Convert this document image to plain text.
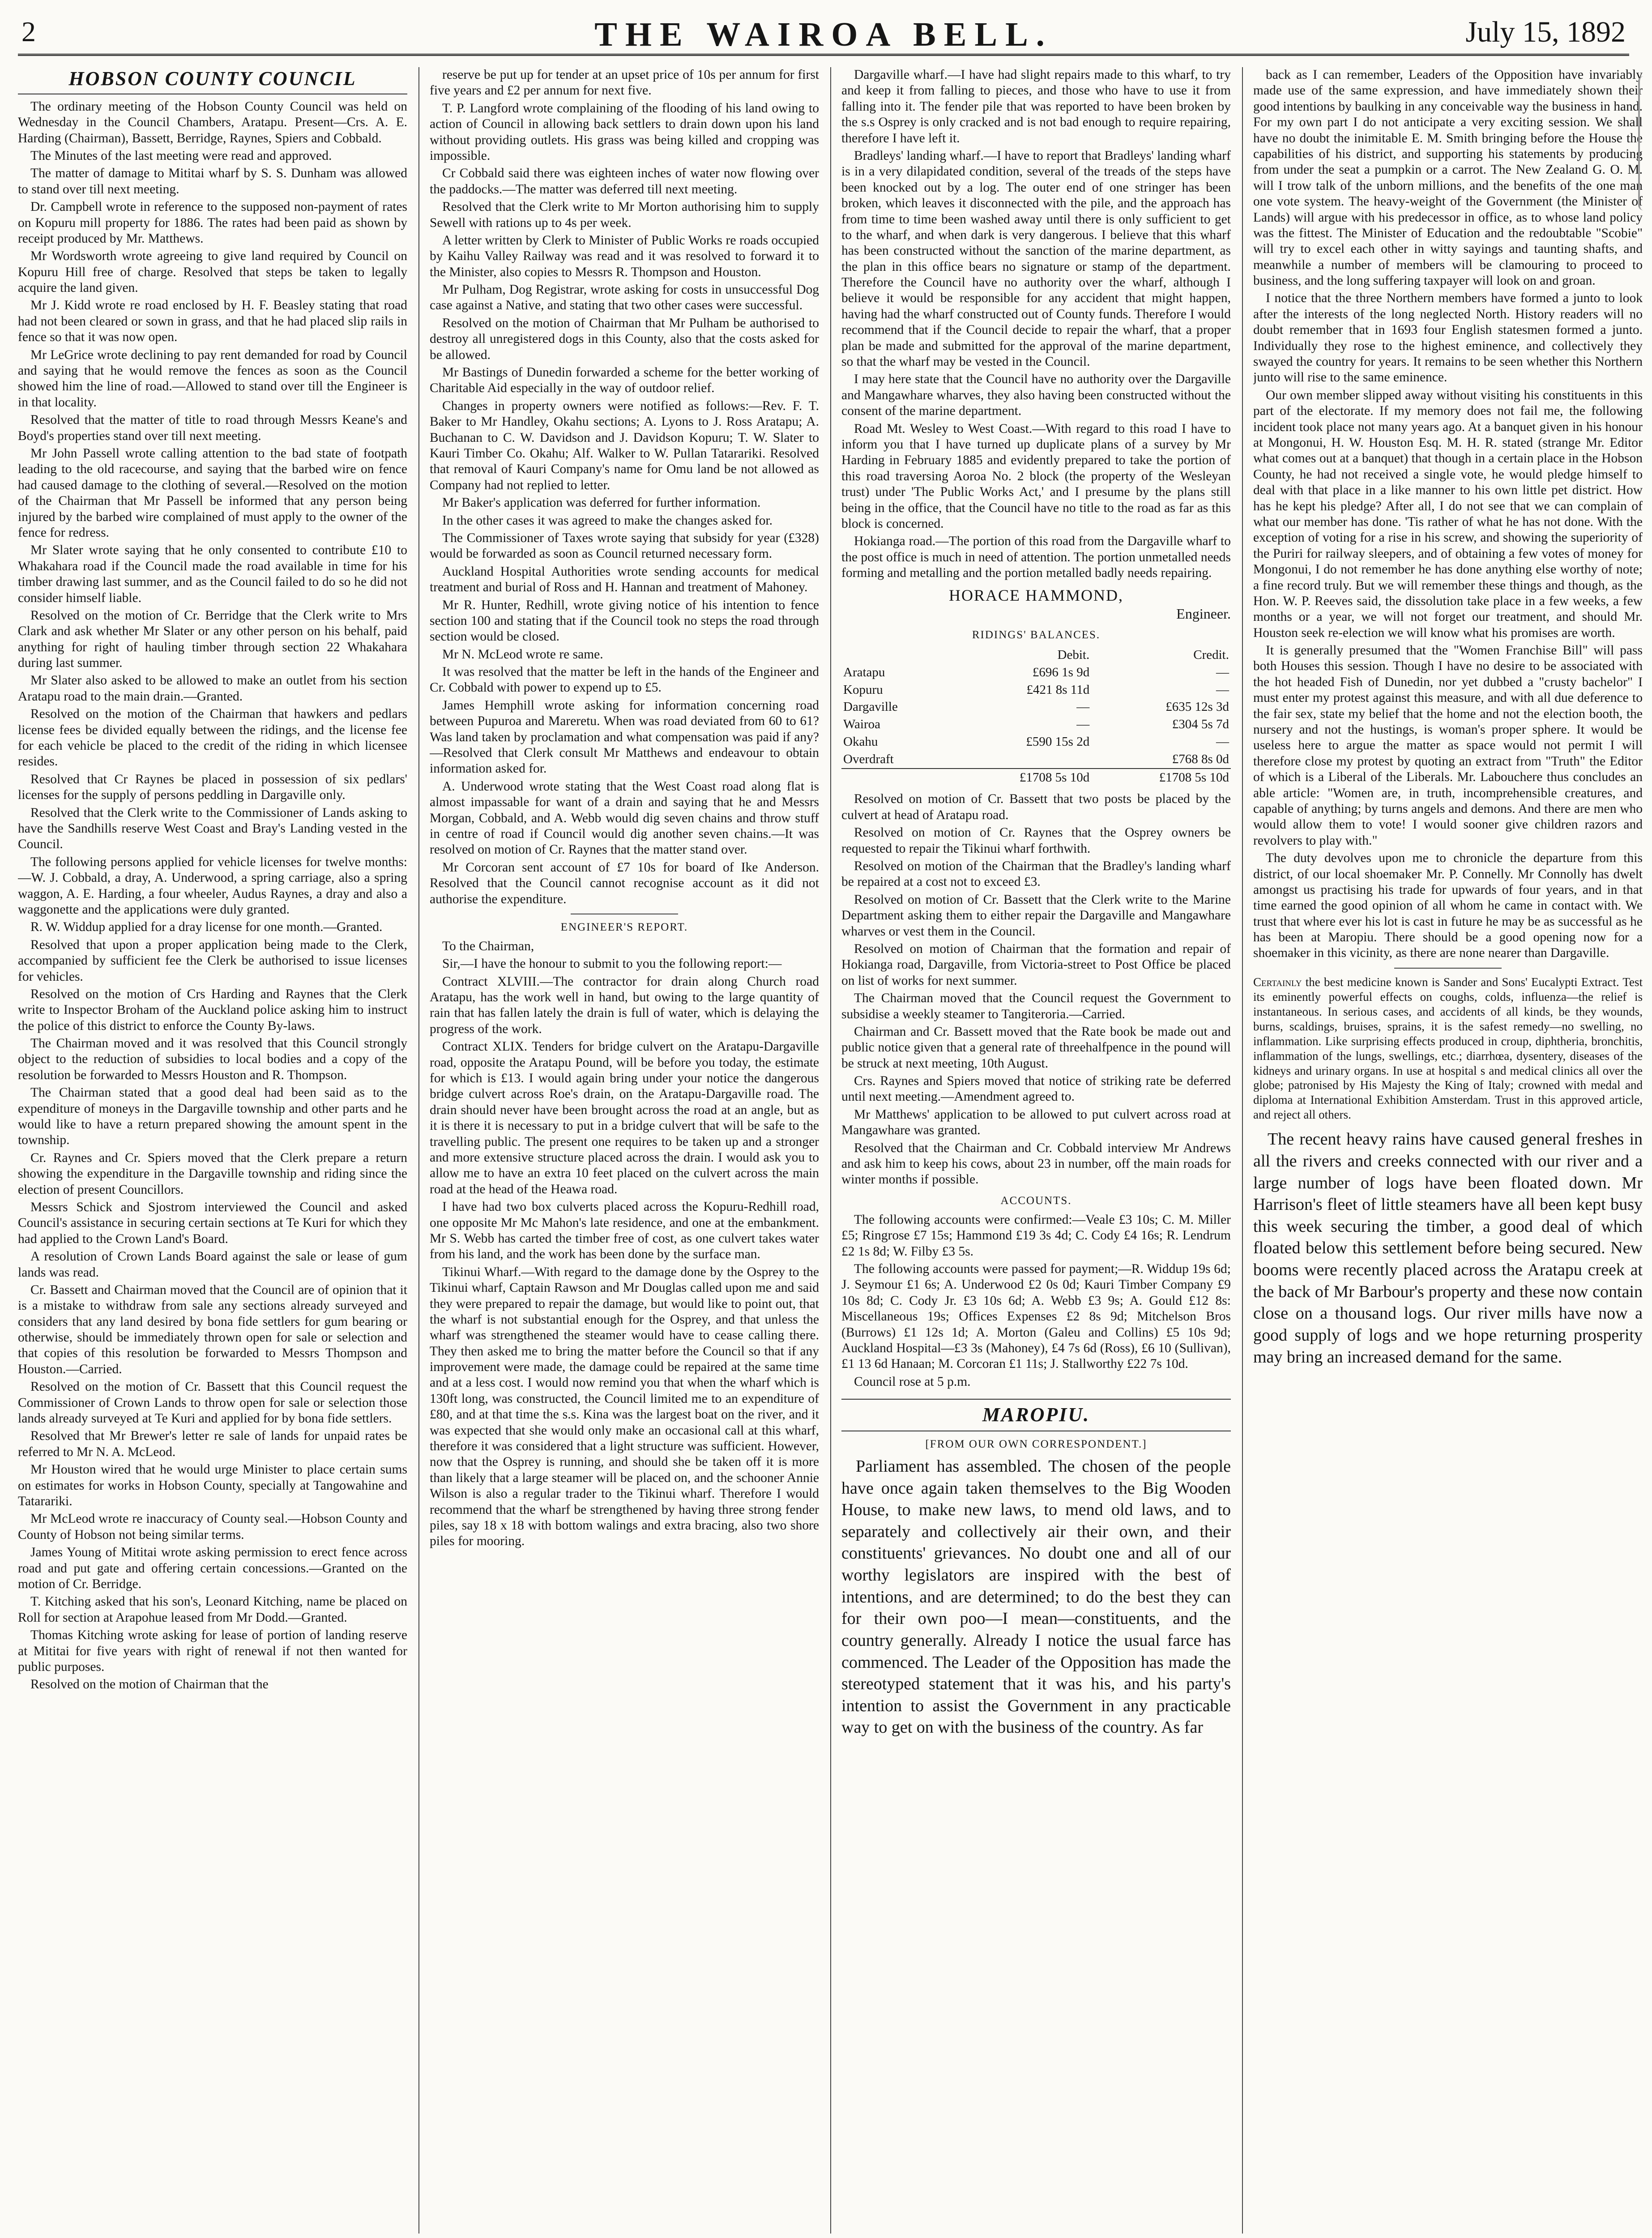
2	THE WAIROA BELL.	July 15, 1892
HOBSON COUNTY COUNCIL

The ordinary meeting of the Hobson County Council was held on Wednesday in the Council Chambers, Aratapu. Present—Crs. A. E. Harding (Chairman), Bassett, Berridge, Raynes, Spiers and Cobbald.

The Minutes of the last meeting were read and approved.

The matter of damage to Mititai wharf by S. S. Dunham was allowed to stand over till next meeting.

Dr. Campbell wrote in reference to the supposed non-payment of rates on Kopuru mill property for 1886. The rates had been paid as shown by receipt produced by Mr. Matthews.

Mr Wordsworth wrote agreeing to give land required by Council on Kopuru Hill free of charge. Resolved that steps be taken to legally acquire the land given.

Mr J. Kidd wrote re road enclosed by H. F. Beasley stating that road had not been cleared or sown in grass, and that he had placed slip rails in fence so that it was now open.

Mr LeGrice wrote declining to pay rent demanded for road by Council and saying that he would remove the fences as soon as the Council showed him the line of road.—Allowed to stand over till the Engineer is in that locality.

Resolved that the matter of title to road through Messrs Keane's and Boyd's properties stand over till next meeting.

Mr John Passell wrote calling attention to the bad state of footpath leading to the old racecourse, and saying that the barbed wire on fence had caused damage to the clothing of several.—Resolved on the motion of the Chairman that Mr Passell be informed that any person being injured by the barbed wire complained of must apply to the owner of the fence for redress.

Mr Slater wrote saying that he only consented to contribute £10 to Whakahara road if the Council made the road available in time for his timber drawing last summer, and as the Council failed to do so he did not consider himself liable.

Resolved on the motion of Cr. Berridge that the Clerk write to Mrs Clark and ask whether Mr Slater or any other person on his behalf, paid anything for right of hauling timber through section 22 Whakahara during last summer.

Mr Slater also asked to be allowed to make an outlet from his section Aratapu road to the main drain.—Granted.

Resolved on the motion of the Chairman that hawkers and pedlars license fees be divided equally between the ridings, and the license fee for each vehicle be placed to the credit of the riding in which licensee resides.

Resolved that Cr Raynes be placed in possession of six pedlars' licenses for the supply of persons peddling in Dargaville only.

Resolved that the Clerk write to the Commissioner of Lands asking to have the Sandhills reserve West Coast and Bray's Landing vested in the Council.

The following persons applied for vehicle licenses for twelve months:—W. J. Cobbald, a dray, A. Underwood, a spring carriage, also a spring waggon, A. E. Harding, a four wheeler, Audus Raynes, a dray and also a waggonette and the applications were duly granted.

R. W. Widdup applied for a dray license for one month.—Granted.

Resolved that upon a proper application being made to the Clerk, accompanied by sufficient fee the Clerk be authorised to issue licenses for vehicles.

Resolved on the motion of Crs Harding and Raynes that the Clerk write to Inspector Broham of the Auckland police asking him to instruct the police of this district to enforce the County By-laws.

The Chairman moved and it was resolved that this Council strongly object to the reduction of subsidies to local bodies and a copy of the resolution be forwarded to Messrs Houston and R. Thompson.

The Chairman stated that a good deal had been said as to the expenditure of moneys in the Dargaville township and other parts and he would like to have a return prepared showing the amount spent in the township.

Cr. Raynes and Cr. Spiers moved that the Clerk prepare a return showing the expenditure in the Dargaville township and riding since the election of present Councillors.

Messrs Schick and Sjostrom interviewed the Council and asked Council's assistance in securing certain sections at Te Kuri for which they had applied to the Crown Land's Board.

A resolution of Crown Lands Board against the sale or lease of gum lands was read.

Cr. Bassett and Chairman moved that the Council are of opinion that it is a mistake to withdraw from sale any sections already surveyed and considers that any land desired by bona fide settlers for gum bearing or otherwise, should be immediately thrown open for sale or selection and that copies of this resolution be forwarded to Messrs Thompson and Houston.—Carried.

Resolved on the motion of Cr. Bassett that this Council request the Commissioner of Crown Lands to throw open for sale or selection those lands already surveyed at Te Kuri and applied for by bona fide settlers.

Resolved that Mr Brewer's letter re sale of lands for unpaid rates be referred to Mr N. A. McLeod.

Mr Houston wired that he would urge Minister to place certain sums on estimates for works in Hobson County, specially at Tangowahine and Tatarariki.

Mr McLeod wrote re inaccuracy of County seal.—Hobson County and County of Hobson not being similar terms.

James Young of Mititai wrote asking permission to erect fence across road and put gate and offering certain concessions.—Granted on the motion of Cr. Berridge.

T. Kitching asked that his son's, Leonard Kitching, name be placed on Roll for section at Arapohue leased from Mr Dodd.—Granted.

Thomas Kitching wrote asking for lease of portion of landing reserve at Mititai for five years with right of renewal if not then wanted for public purposes.

Resolved on the motion of Chairman that the

reserve be put up for tender at an upset price of 10s per annum for first five years and £2 per annum for next five.

T. P. Langford wrote complaining of the flooding of his land owing to action of Council in allowing back settlers to drain down upon his land without providing outlets. His grass was being killed and cropping was impossible.

Cr Cobbald said there was eighteen inches of water now flowing over the paddocks.—The matter was deferred till next meeting.

Resolved that the Clerk write to Mr Morton authorising him to supply Sewell with rations up to 4s per week.

A letter written by Clerk to Minister of Public Works re roads occupied by Kaihu Valley Railway was read and it was resolved to forward it to the Minister, also copies to Messrs R. Thompson and Houston.

Mr Pulham, Dog Registrar, wrote asking for costs in unsuccessful Dog case against a Native, and stating that two other cases were successful.

Resolved on the motion of Chairman that Mr Pulham be authorised to destroy all unregistered dogs in this County, also that the costs asked for be allowed.

Mr Bastings of Dunedin forwarded a scheme for the better working of Charitable Aid especially in the way of outdoor relief.

Changes in property owners were notified as follows:—Rev. F. T. Baker to Mr Handley, Okahu sections; A. Lyons to J. Ross Aratapu; A. Buchanan to C. W. Davidson and J. Davidson Kopuru; T. W. Slater to Kauri Timber Co. Okahu; Alf. Walker to W. Pullan Tatarariki. Resolved that removal of Kauri Company's name for Omu land be not allowed as Company had not replied to letter.

Mr Baker's application was deferred for further information.

In the other cases it was agreed to make the changes asked for.

The Commissioner of Taxes wrote saying that subsidy for year (£328) would be forwarded as soon as Council returned necessary form.

Auckland Hospital Authorities wrote sending accounts for medical treatment and burial of Ross and H. Hannan and treatment of Mahoney.

Mr R. Hunter, Redhill, wrote giving notice of his intention to fence section 100 and stating that if the Council took no steps the road through section would be closed.

Mr N. McLeod wrote re same.

It was resolved that the matter be left in the hands of the Engineer and Cr. Cobbald with power to expend up to £5.

James Hemphill wrote asking for information concerning road between Pupuroa and Mareretu. When was road deviated from 60 to 61? Was land taken by proclamation and what compensation was paid if any?—Resolved that Clerk consult Mr Matthews and endeavour to obtain information asked for.

A. Underwood wrote stating that the West Coast road along flat is almost impassable for want of a drain and saying that he and Messrs Morgan, Cobbald, and A. Webb would dig seven chains and throw stuff in centre of road if Council would dig another seven chains.—It was resolved on motion of Cr. Raynes that the matter stand over.

Mr Corcoran sent account of £7 10s for board of Ike Anderson. Resolved that the Council cannot recognise account as it did not authorise the expenditure.

ENGINEER'S REPORT.

To the Chairman,

Sir,—I have the honour to submit to you the following report:—

Contract XLVIII.—The contractor for drain along Church road Aratapu, has the work well in hand, but owing to the large quantity of rain that has fallen lately the drain is full of water, which is delaying the progress of the work.

Contract XLIX. Tenders for bridge culvert on the Aratapu-Dargaville road, opposite the Aratapu Pound, will be before you today, the estimate for which is £13. I would again bring under your notice the dangerous bridge culvert across Roe's drain, on the Aratapu-Dargaville road. The drain should never have been brought across the road at an angle, but as it is there it is necessary to put in a bridge culvert that will be safe to the travelling public. The present one requires to be taken up and a stronger and more extensive structure placed across the drain. I would ask you to allow me to have an extra 10 feet placed on the culvert across the main road at the head of the Heawa road.

I have had two box culverts placed across the Kopuru-Redhill road, one opposite Mr Mc Mahon's late residence, and one at the embankment. Mr S. Webb has carted the timber free of cost, as one culvert takes water from his land, and the work has been done by the surface man.

Tikinui Wharf.—With regard to the damage done by the Osprey to the Tikinui wharf, Captain Rawson and Mr Douglas called upon me and said they were prepared to repair the damage, but would like to point out, that the wharf is not substantial enough for the Osprey, and that unless the wharf was strengthened the steamer would have to cease calling there. They then asked me to bring the matter before the Council so that if any improvement were made, the damage could be repaired at the same time and at a less cost. I would now remind you that when the wharf which is 130ft long, was constructed, the Council limited me to an expenditure of £80, and at that time the s.s. Kina was the largest boat on the river, and it was expected that she would only make an occasional call at this wharf, therefore it was considered that a light structure was sufficient. However, now that the Osprey is running, and should she be taken off it is more than likely that a large steamer will be placed on, and the schooner Annie Wilson is also a regular trader to the Tikinui wharf. Therefore I would recommend that the wharf be strengthened by having three strong fender piles, say 18 x 18 with bottom walings and extra bracing, also two shore piles for mooring.

Dargaville wharf.—I have had slight repairs made to this wharf, to try and keep it from falling to pieces, and those who have to use it from falling into it. The fender pile that was reported to have been broken by the s.s Osprey is only cracked and is not bad enough to require repairing, therefore I have left it.

Bradleys' landing wharf.—I have to report that Bradleys' landing wharf is in a very dilapidated condition, several of the treads of the steps have been knocked out by a log. The outer end of one stringer has been broken, which leaves it disconnected with the pile, and the approach has from time to time been washed away until there is only sufficient to get to the wharf, and when dark is very dangerous. I believe that this wharf has been constructed without the sanction of the marine department, as the plan in this office bears no signature or stamp of the department. Therefore the Council have no authority over the wharf, although I believe it would be responsible for any accident that might happen, having had the wharf constructed out of County funds. Therefore I would recommend that if the Council decide to repair the wharf, that a proper plan be made and submitted for the approval of the marine department, so that the wharf may be vested in the Council.

I may here state that the Council have no authority over the Dargaville and Mangawhare wharves, they also having been constructed without the consent of the marine department.

Road Mt. Wesley to West Coast.—With regard to this road I have to inform you that I have turned up duplicate plans of a survey by Mr Harding in February 1885 and evidently prepared to take the portion of this road traversing Aoroa No. 2 block (the property of the Wesleyan trust) under 'The Public Works Act,' and I presume by the plans still being in the office, that the Council have no title to the road as far as this block is concerned.

Hokianga road.—The portion of this road from the Dargaville wharf to the post office is much in need of attention. The portion unmetalled needs forming and metalling and the portion metalled badly needs repairing.

HORACE HAMMOND,
Engineer.
RIDINGS' BALANCES.
	Debit.	Credit.
Aratapu	£696 1s 9d	—
Kopuru	£421 8s 11d	—
Dargaville	—	£635 12s 3d
Wairoa	—	£304 5s 7d
Okahu	£590 15s 2d	—
Overdraft		£768 8s 0d
	£1708 5s 10d	£1708 5s 10d

Resolved on motion of Cr. Bassett that two posts be placed by the culvert at head of Aratapu road.

Resolved on motion of Cr. Raynes that the Osprey owners be requested to repair the Tikinui wharf forthwith.

Resolved on motion of the Chairman that the Bradley's landing wharf be repaired at a cost not to exceed £3.

Resolved on motion of Cr. Bassett that the Clerk write to the Marine Department asking them to either repair the Dargaville and Mangawhare wharves or vest them in the Council.

Resolved on motion of Chairman that the formation and repair of Hokianga road, Dargaville, from Victoria-street to Post Office be placed on list of works for next summer.

The Chairman moved that the Council request the Government to subsidise a weekly steamer to Tangiteroria.—Carried.

Chairman and Cr. Bassett moved that the Rate book be made out and public notice given that a general rate of threehalfpence in the pound will be struck at next meeting, 10th August.

Crs. Raynes and Spiers moved that notice of striking rate be deferred until next meeting.—Amendment agreed to.

Mr Matthews' application to be allowed to put culvert across road at Mangawhare was granted.

Resolved that the Chairman and Cr. Cobbald interview Mr Andrews and ask him to keep his cows, about 23 in number, off the main roads for winter months if possible.

ACCOUNTS.

The following accounts were confirmed:—Veale £3 10s; C. M. Miller £5; Ringrose £7 15s; Hammond £19 3s 4d; C. Cody £4 16s; R. Lendrum £2 1s 8d; W. Filby £3 5s.

The following accounts were passed for payment;—R. Widdup 19s 6d; J. Seymour £1 6s; A. Underwood £2 0s 0d; Kauri Timber Company £9 10s 8d; C. Cody Jr. £3 10s 6d; A. Webb £3 9s; A. Gould £12 8s: Miscellaneous 19s; Offices Expenses £2 8s 9d; Mitchelson Bros (Burrows) £1 12s 1d; A. Morton (Galeu and Collins) £5 10s 9d; Auckland Hospital—£3 3s (Mahoney), £4 7s 6d (Ross), £6 10 (Sullivan), £1 13 6d Hanaan; M. Corcoran £1 11s; J. Stallworthy £22 7s 10d.

Council rose at 5 p.m.

MAROPIU.
[FROM OUR OWN CORRESPONDENT.]

Parliament has assembled. The chosen of the people have once again taken themselves to the Big Wooden House, to make new laws, to mend old laws, and to separately and collectively air their own, and their constituents' grievances. No doubt one and all of our worthy legislators are inspired with the best of intentions, and are determined; to do the best they can for their own poo—I mean—constituents, and the country generally. Already I notice the usual farce has commenced. The Leader of the Opposition has made the stereotyped statement that it was his, and his party's intention to assist the Government in any practicable way to get on with the business of the country. As far

back as I can remember, Leaders of the Opposition have invariably made use of the same expression, and have immediately shown their good intentions by baulking in any conceivable way the business in hand. For my own part I do not anticipate a very exciting session. We shall have no doubt the inimitable E. M. Smith bringing before the House the capabilities of his district, and supporting his statements by producing from under the seat a pumpkin or a carrot. The New Zealand G. O. M. will I trow talk of the unborn millions, and the benefits of the one man one vote system. The heavy-weight of the Government (the Minister of Lands) will argue with his predecessor in office, as to whose land policy was the fittest. The Minister of Education and the redoubtable "Scobie" will try to excel each other in witty sayings and taunting shafts, and meanwhile a number of members will be clamouring to proceed to business, and the long suffering taxpayer will look on and groan.

I notice that the three Northern members have formed a junto to look after the interests of the long neglected North. History readers will no doubt remember that in 1693 four English statesmen formed a junto. Individually they rose to the highest eminence, and collectively they swayed the country for years. It remains to be seen whether this Northern junto will rise to the same eminence.

Our own member slipped away without visiting his constituents in this part of the electorate. If my memory does not fail me, the following incident took place not many years ago. At a banquet given in his honour at Mongonui, H. W. Houston Esq. M. H. R. stated (strange Mr. Editor what comes out at a banquet) that though in a certain place in the Hobson County, he had not received a single vote, he would pledge himself to deal with that place in a like manner to his own little pet district. How has he kept his pledge? After all, I do not see that we can complain of what our member has done. 'Tis rather of what he has not done. With the exception of voting for a rise in his screw, and showing the superiority of the Puriri for railway sleepers, and of obtaining a few votes of money for Mongonui, I do not remember he has done anything else worthy of note; a fine record truly. But we will remember these things and though, as the Hon. W. P. Reeves said, the dissolution take place in a few weeks, a few months or a year, we will not forget our treatment, and should Mr. Houston seek re-election we will know what his promises are worth.

It is generally presumed that the "Women Franchise Bill" will pass both Houses this session. Though I have no desire to be associated with the hot headed Fish of Dunedin, nor yet dubbed a "crusty bachelor" I must enter my protest against this measure, and with all due deference to the fair sex, state my belief that the home and not the election booth, the nursery and not the hustings, is woman's proper sphere. It would be useless here to argue the matter as space would not permit I will therefore close my protest by quoting an extract from "Truth" the Editor of which is a Liberal of the Liberals. Mr. Labouchere thus concludes an able article: "Women are, in truth, incomprehensible creatures, and capable of anything; by turns angels and demons. And there are men who would allow them to vote! I would sooner give children razors and revolvers to play with."

The duty devolves upon me to chronicle the departure from this district, of our local shoemaker Mr. P. Connelly. Mr Connolly has dwelt amongst us practising his trade for upwards of four years, and in that time earned the good opinion of all whom he came in contact with. We trust that where ever his lot is cast in future he may be as successful as he has been at Maropiu. There should be a good opening now for a shoemaker in this vicinity, as there are none nearer than Dargaville.

Certainly the best medicine known is Sander and Sons' Eucalypti Extract. Test its eminently powerful effects on coughs, colds, influenza—the relief is instantaneous. In serious cases, and accidents of all kinds, be they wounds, burns, scaldings, bruises, sprains, it is the safest remedy—no swelling, no inflammation. Like surprising effects produced in croup, diphtheria, bronchitis, inflammation of the lungs, swellings, etc.; diarrhœa, dysentery, diseases of the kidneys and urinary organs. In use at hospital s and medical clinics all over the globe; patronised by His Majesty the King of Italy; crowned with medal and diploma at International Exhibition Amsterdam. Trust in this approved article, and reject all others.

The recent heavy rains have caused general freshes in all the rivers and creeks connected with our river and a large number of logs have been floated down. Mr Harrison's fleet of little steamers have all been kept busy this week securing the timber, a good deal of which floated below this settlement before being secured. New booms were recently placed across the Aratapu creek at the back of Mr Barbour's property and these now contain close on a thousand logs. Our river mills have now a good supply of logs and we hope returning prosperity may bring an increased demand for the same.
